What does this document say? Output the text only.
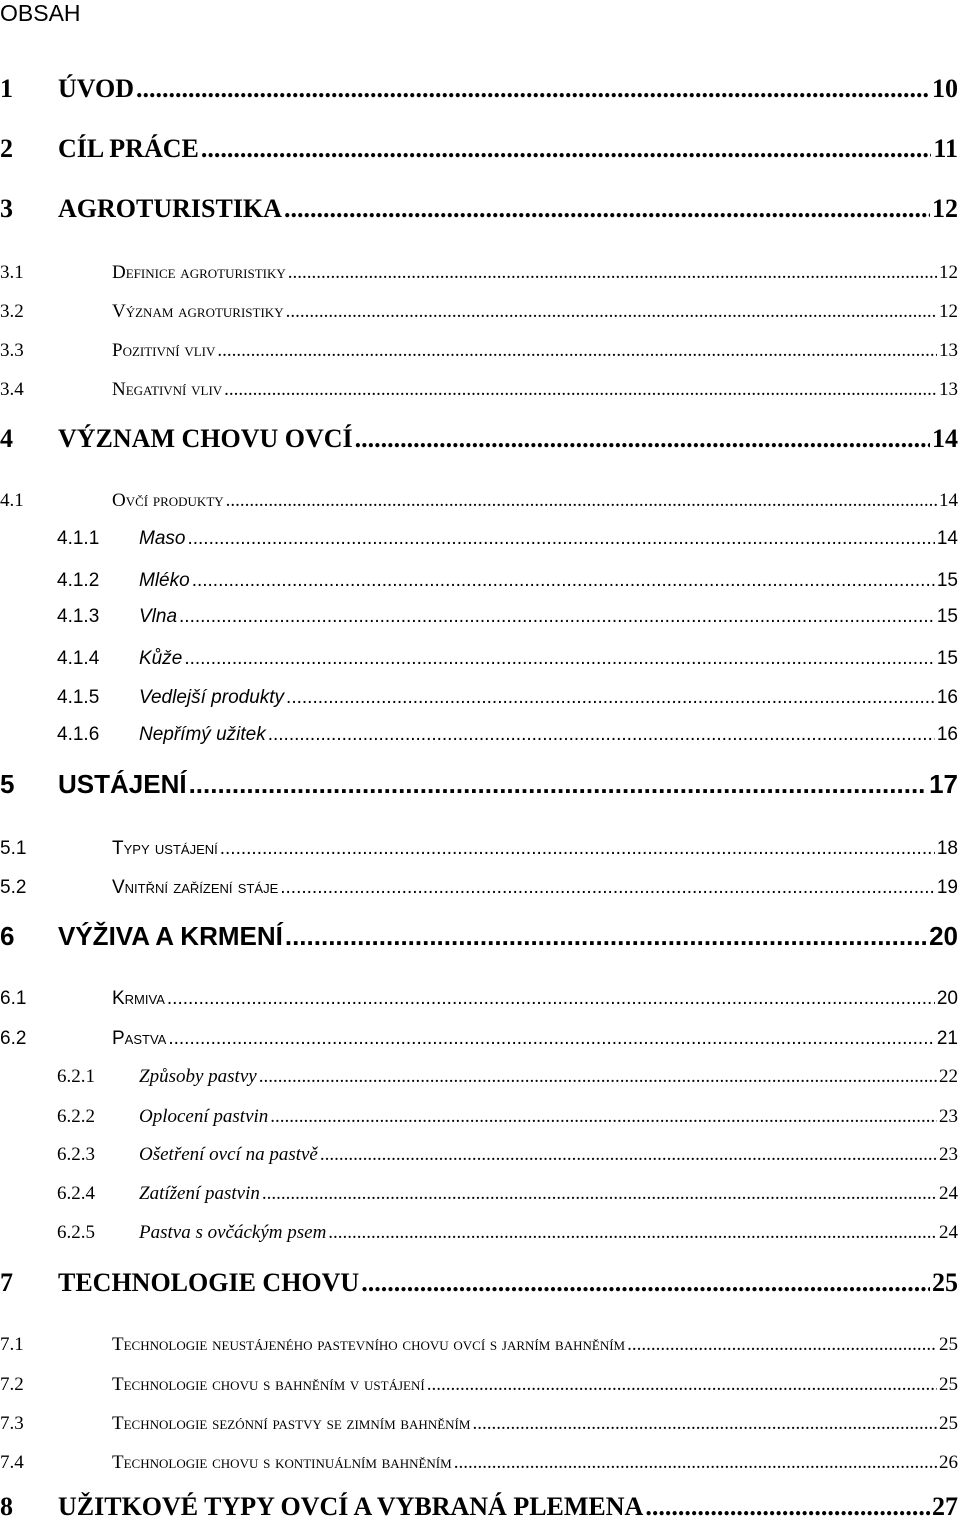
OBSAH
1	ÚVOD .....	10
2	CÍL PRÁCE .....	11
3	AGROTURISTIKA .....	12
3.1	Definice agroturistiky .....	12
3.2	Význam agroturistiky .....	12
3.3	Pozitivní vliv .....	13
3.4	Negativní vliv .....	13
4	VÝZNAM CHOVU OVCÍ .....	14
4.1	Ovčí produkty .....	14
4.1.1	Maso .....	14
4.1.2	Mléko .....	15
4.1.3	Vlna .....	15
4.1.4	Kůže .....	15
4.1.5	Vedlejší produkty .....	16
4.1.6	Nepřímý užitek .....	16
5	USTÁJENÍ .....	17
5.1	Typy ustájení .....	18
5.2	Vnitřní zařízení stáje .....	19
6	VÝŽIVA A KRMENÍ .....	20
6.1	Krmiva .....	20
6.2	Pastva .....	21
6.2.1	Způsoby pastvy .....	22
6.2.2	Oplocení pastvin .....	23
6.2.3	Ošetření ovcí na pastvě .....	23
6.2.4	Zatížení pastvin .....	24
6.2.5	Pastva s ovčáckým psem .....	24
7	TECHNOLOGIE CHOVU .....	25
7.1	Technologie neustájeného pastevního chovu ovcí s jarním bahněním .....	25
7.2	Technologie chovu s bahněním v ustájení .....	25
7.3	Technologie sezónní pastvy se zimním bahněním .....	25
7.4	Technologie chovu s kontinuálním bahněním .....	26
8	UŽITKOVÉ TYPY OVCÍ A VYBRANÁ PLEMENA .....	27
